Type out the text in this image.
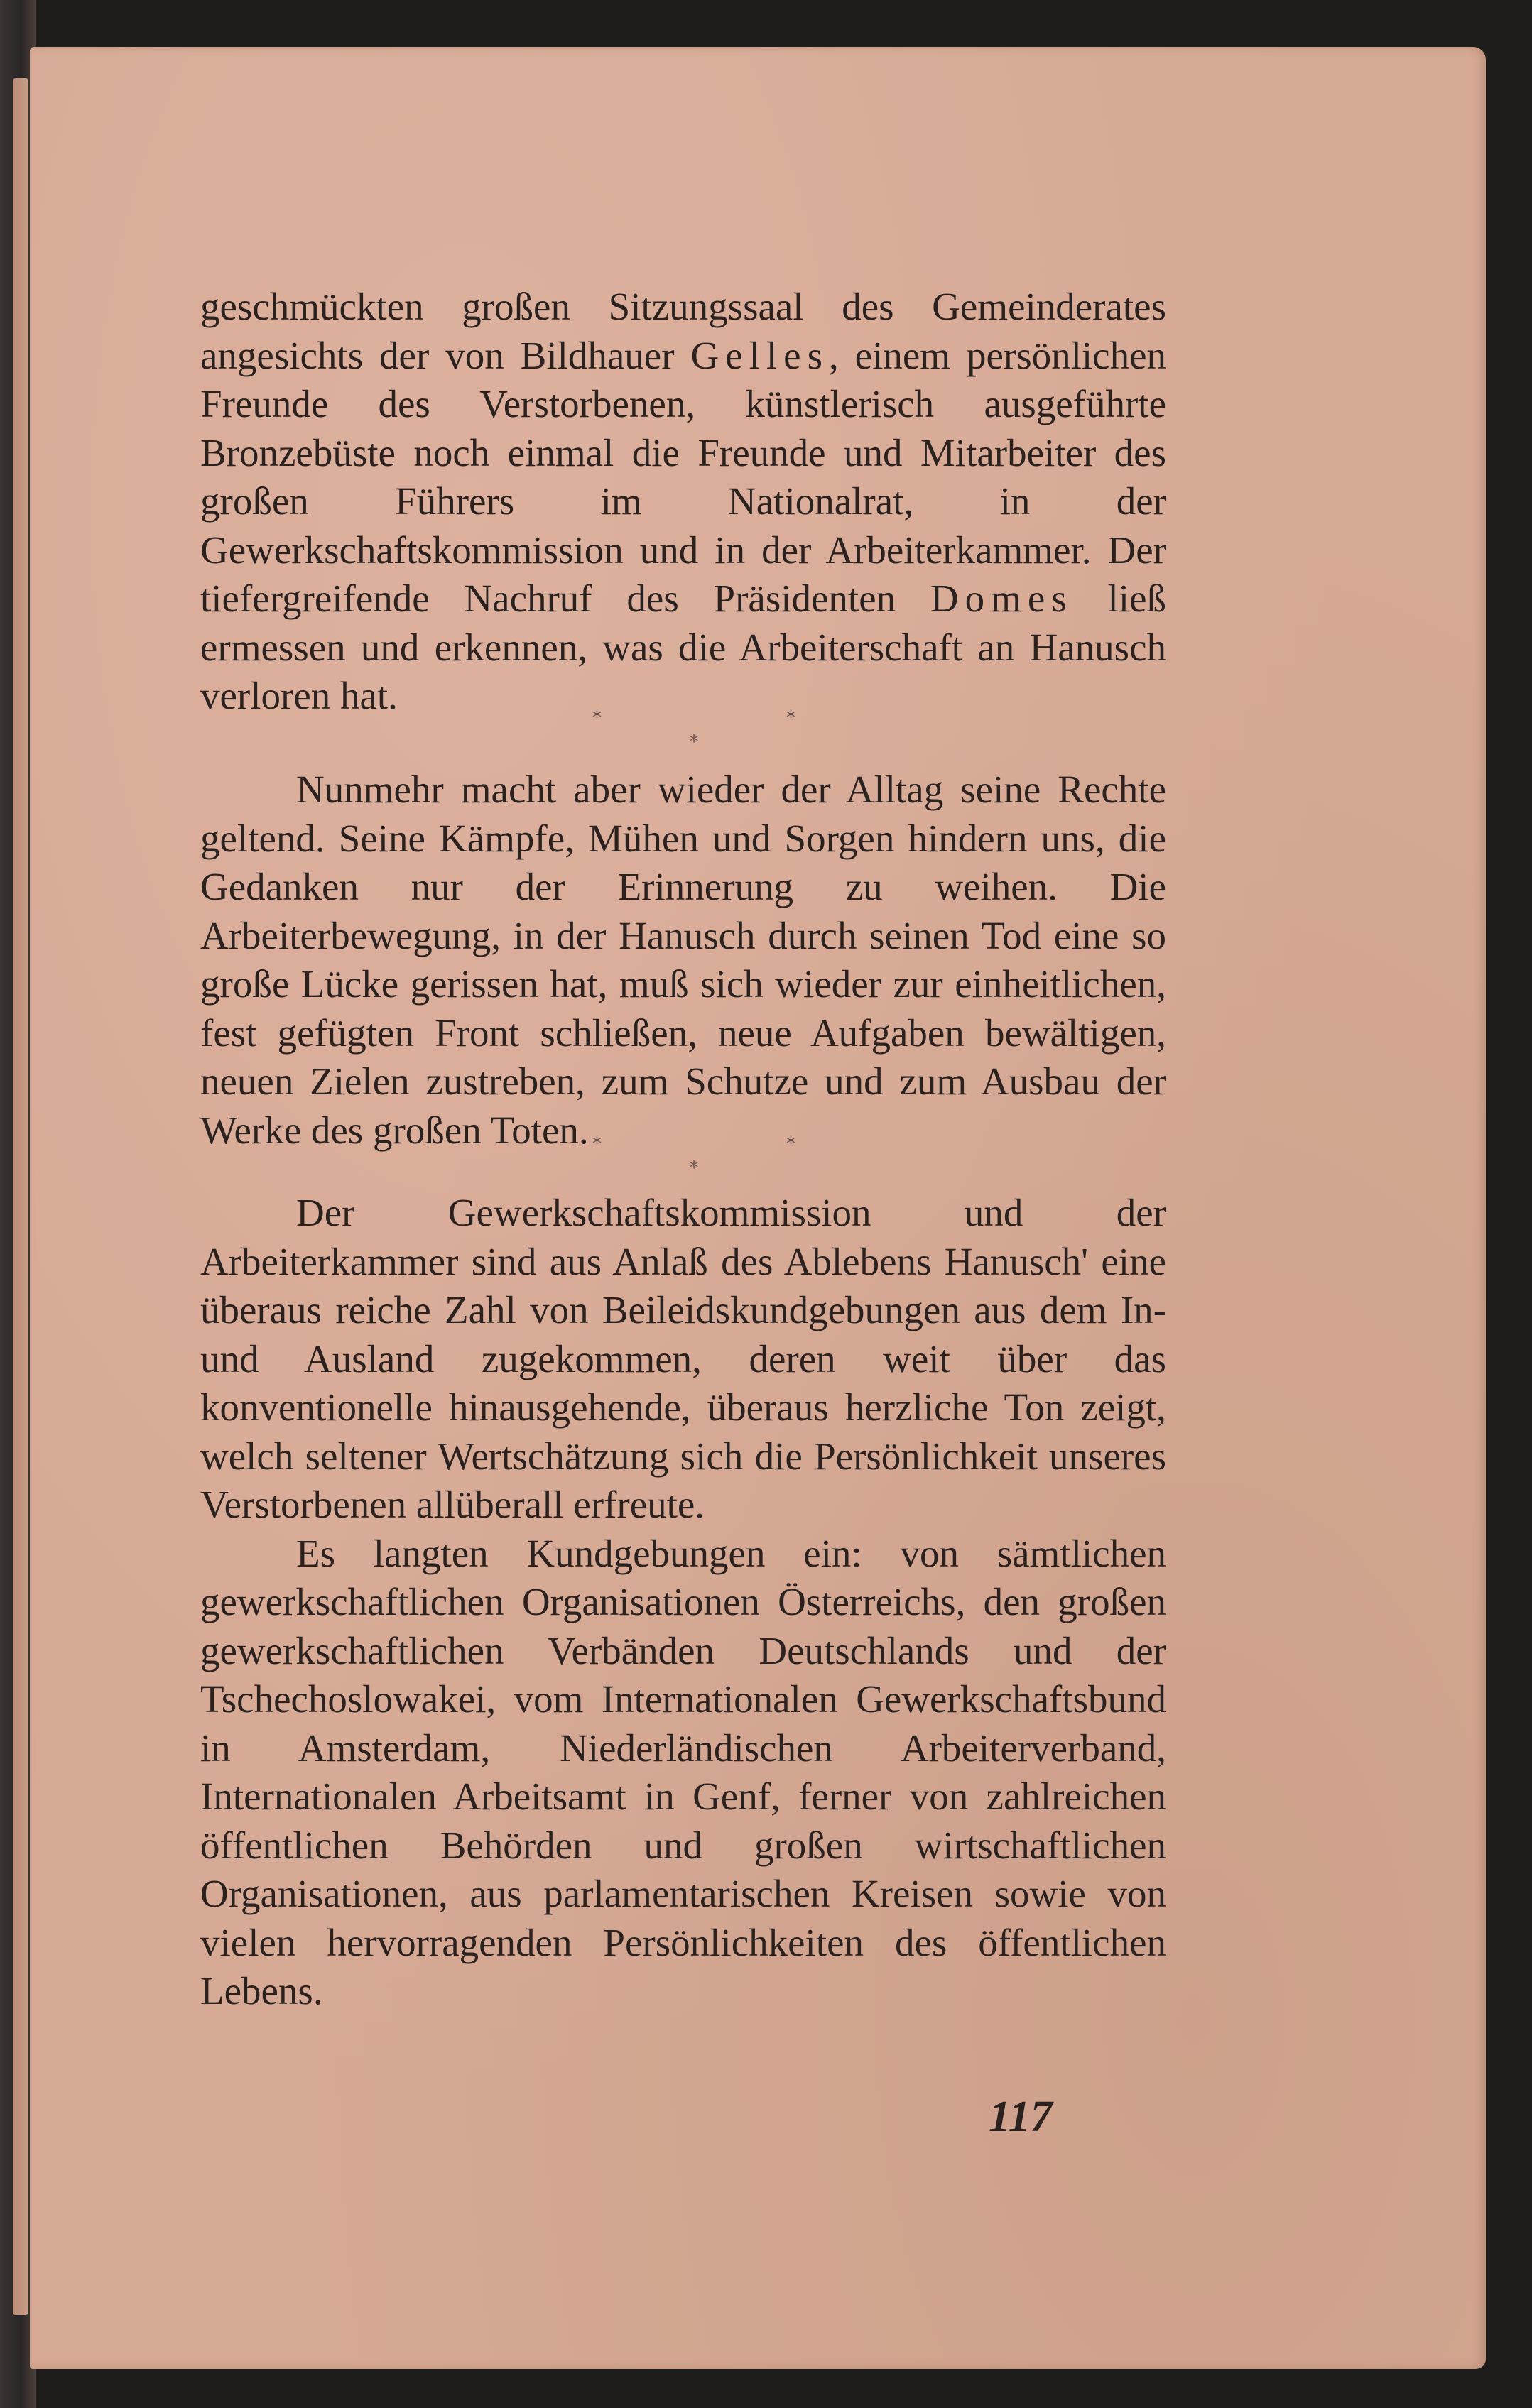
geschmückten großen Sitzungssaal des Gemeinderates angesichts der von Bildhauer Gelles, einem persönlichen Freunde des Verstorbenen, künstlerisch ausgeführte Bronzebüste noch einmal die Freunde und Mitarbeiter des großen Führers im Nationalrat, in der Gewerkschaftskommission und in der Arbeiterkammer. Der tiefergreifende Nachruf des Präsidenten Domes ließ ermessen und erkennen, was die Arbeiterschaft an Hanusch verloren hat.

**
*

Nunmehr macht aber wieder der Alltag seine Rechte geltend. Seine Kämpfe, Mühen und Sorgen hindern uns, die Gedanken nur der Erinnerung zu weihen. Die Arbeiterbewegung, in der Hanusch durch seinen Tod eine so große Lücke gerissen hat, muß sich wieder zur einheitlichen, fest gefügten Front schließen, neue Aufgaben bewältigen, neuen Zielen zustreben, zum Schutze und zum Ausbau der Werke des großen Toten. **
*

Der Gewerkschaftskommission und der Arbeiterkammer sind aus Anlaß des Ablebens Hanusch' eine überaus reiche Zahl von Beileidskundgebungen aus dem In- und Ausland zugekommen, deren weit über das konventionelle hinausgehende, überaus herzliche Ton zeigt, welch seltener Wertschätzung sich die Persönlichkeit unseres Verstorbenen allüberall erfreute.

Es langten Kundgebungen ein: von sämtlichen gewerkschaftlichen Organisationen Österreichs, den großen gewerkschaftlichen Verbänden Deutschlands und der Tschechoslowakei, vom Internationalen Gewerkschaftsbund in Amsterdam, Niederländischen Arbeiterverband, Internationalen Arbeitsamt in Genf, ferner von zahlreichen öffentlichen Behörden und großen wirtschaftlichen Organisationen, aus parlamentarischen Kreisen sowie von vielen hervorragenden Persönlichkeiten des öffentlichen Lebens.

117
